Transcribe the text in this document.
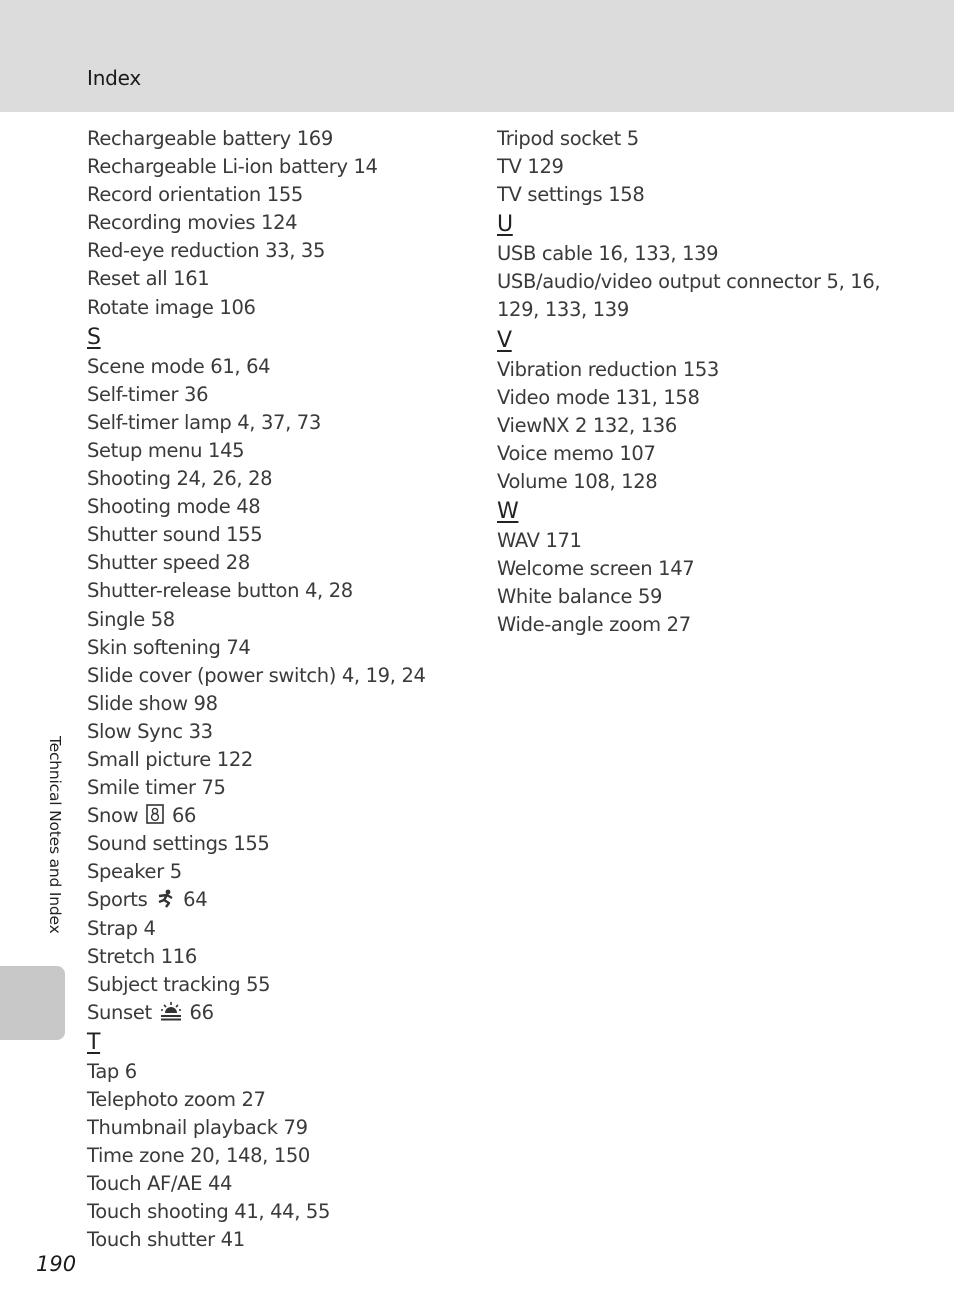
Index
Rechargeable battery 169
Rechargeable Li-ion battery 14
Record orientation 155
Recording movies 124
Red-eye reduction 33, 35
Reset all 161
Rotate image 106
S
Scene mode 61, 64
Self-timer 36
Self-timer lamp 4, 37, 73
Setup menu 145
Shooting 24, 26, 28
Shooting mode 48
Shutter sound 155
Shutter speed 28
Shutter-release button 4, 28
Single 58
Skin softening 74
Slide cover (power switch) 4, 19, 24
Slide show 98
Slow Sync 33
Small picture 122
Smile timer 75
Snow 66
Sound settings 155
Speaker 5
Sports 64
Strap 4
Stretch 116
Subject tracking 55
Sunset 66
T
Tap 6
Telephoto zoom 27
Thumbnail playback 79
Time zone 20, 148, 150
Touch AF/AE 44
Touch shooting 41, 44, 55
Touch shutter 41
Tripod socket 5
TV 129
TV settings 158
U
USB cable 16, 133, 139
USB/audio/video output connector 5, 16,
129, 133, 139
V
Vibration reduction 153
Video mode 131, 158
ViewNX 2 132, 136
Voice memo 107
Volume 108, 128
W
WAV 171
Welcome screen 147
White balance 59
Wide-angle zoom 27
Technical Notes and Index
190
